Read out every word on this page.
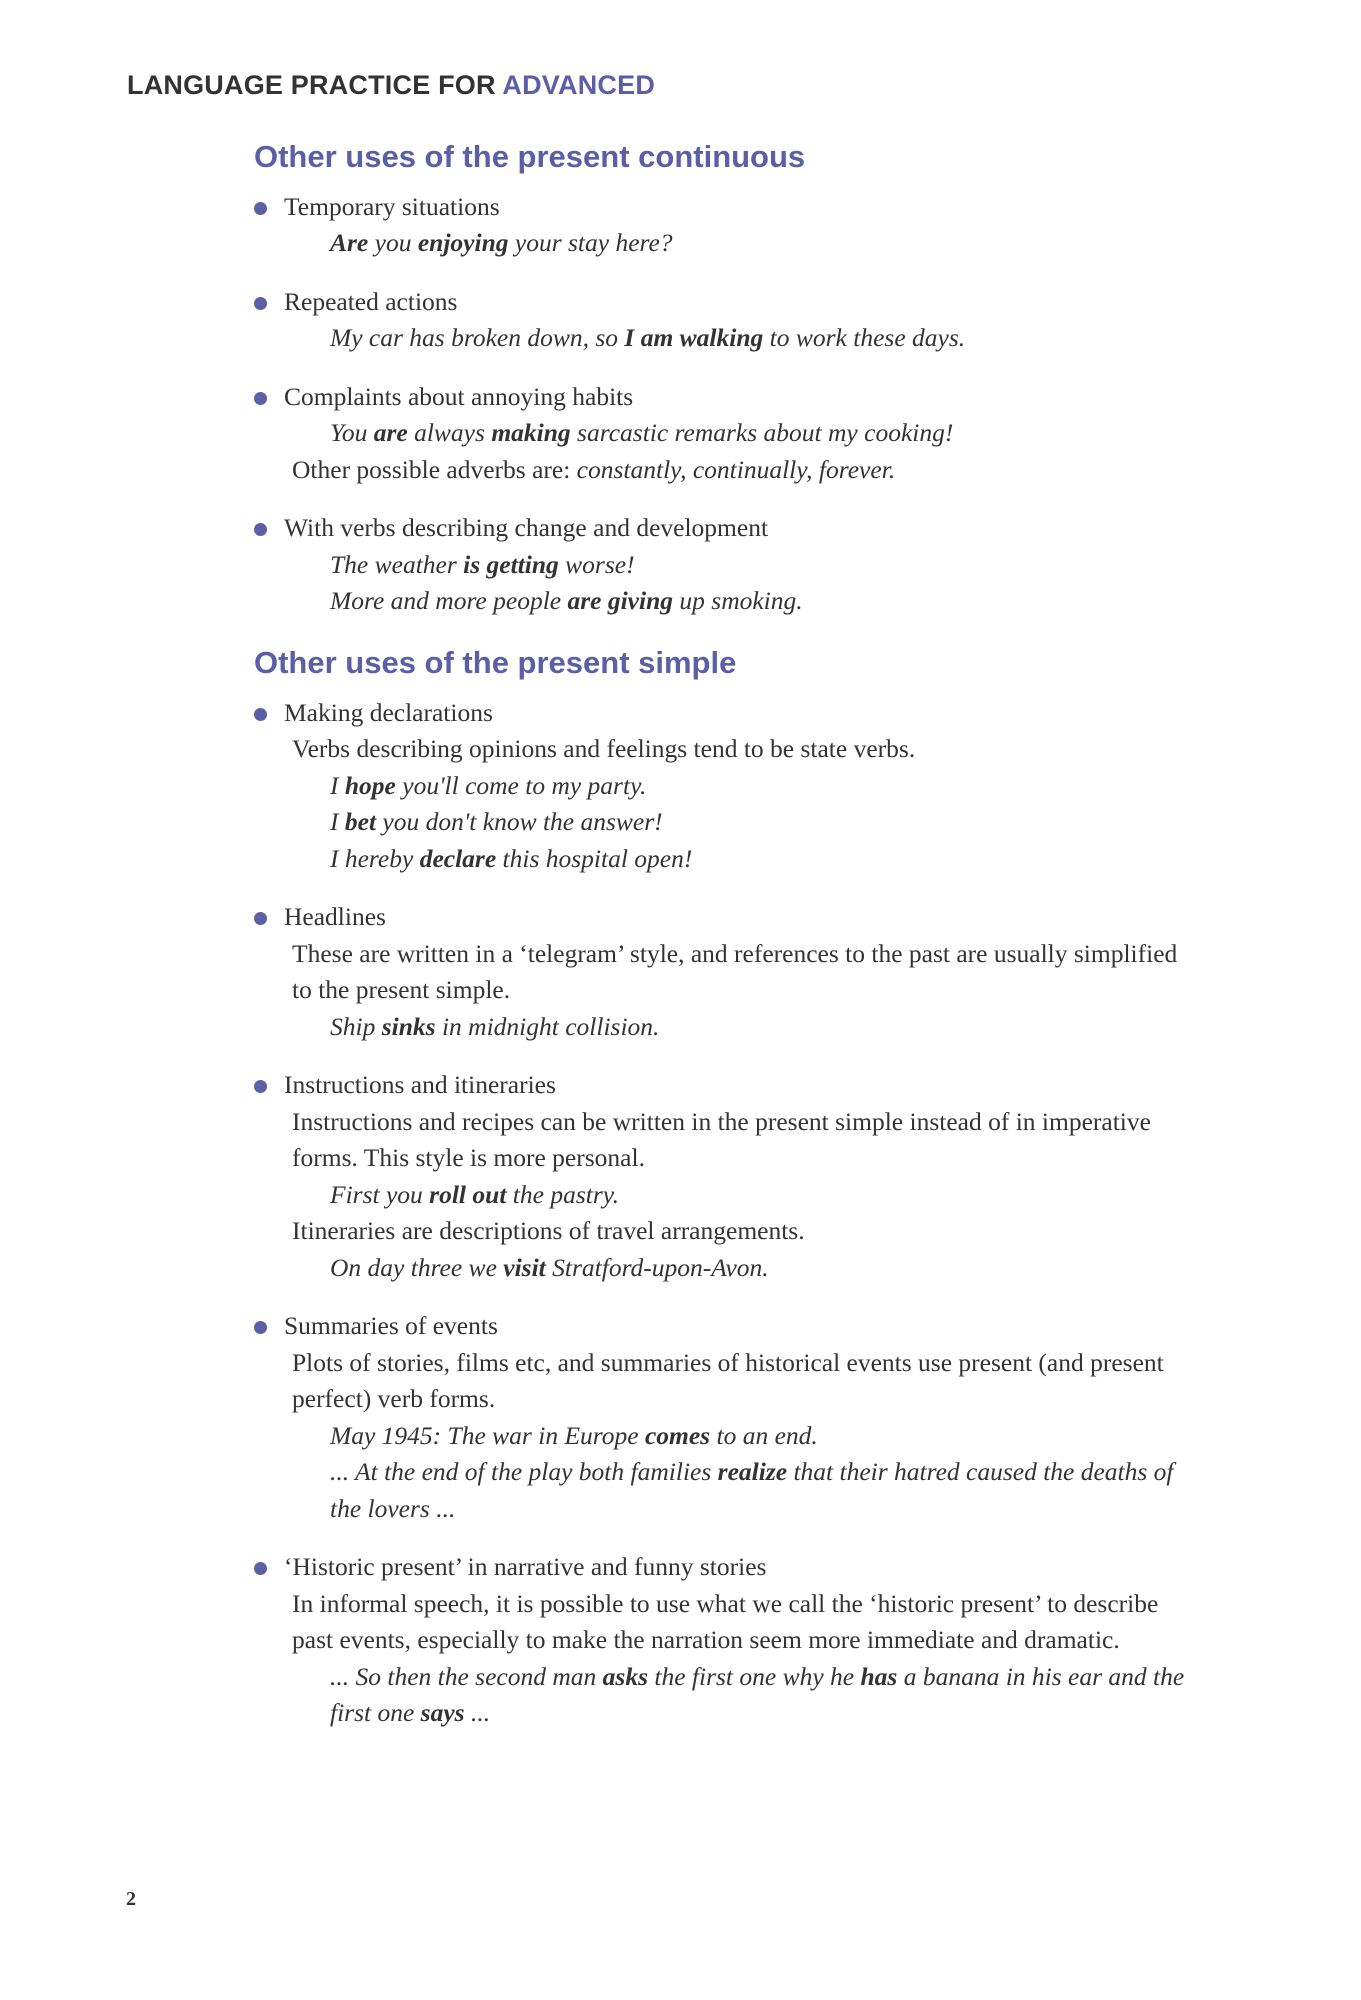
LANGUAGE PRACTICE FOR ADVANCED
Other uses of the present continuous
Temporary situations
Are you enjoying your stay here?
Repeated actions
My car has broken down, so I am walking to work these days.
Complaints about annoying habits
You are always making sarcastic remarks about my cooking!
Other possible adverbs are: constantly, continually, forever.
With verbs describing change and development
The weather is getting worse!
More and more people are giving up smoking.
Other uses of the present simple
Making declarations
Verbs describing opinions and feelings tend to be state verbs.
I hope you'll come to my party.
I bet you don't know the answer!
I hereby declare this hospital open!
Headlines
These are written in a ‘telegram’ style, and references to the past are usually simplified
to the present simple.
Ship sinks in midnight collision.
Instructions and itineraries
Instructions and recipes can be written in the present simple instead of in imperative
forms. This style is more personal.
First you roll out the pastry.
Itineraries are descriptions of travel arrangements.
On day three we visit Stratford-upon-Avon.
Summaries of events
Plots of stories, films etc, and summaries of historical events use present (and present
perfect) verb forms.
May 1945: The war in Europe comes to an end.
... At the end of the play both families realize that their hatred caused the deaths of
the lovers ...
‘Historic present’ in narrative and funny stories
In informal speech, it is possible to use what we call the ‘historic present’ to describe
past events, especially to make the narration seem more immediate and dramatic.
... So then the second man asks the first one why he has a banana in his ear and the
first one says ...
2
